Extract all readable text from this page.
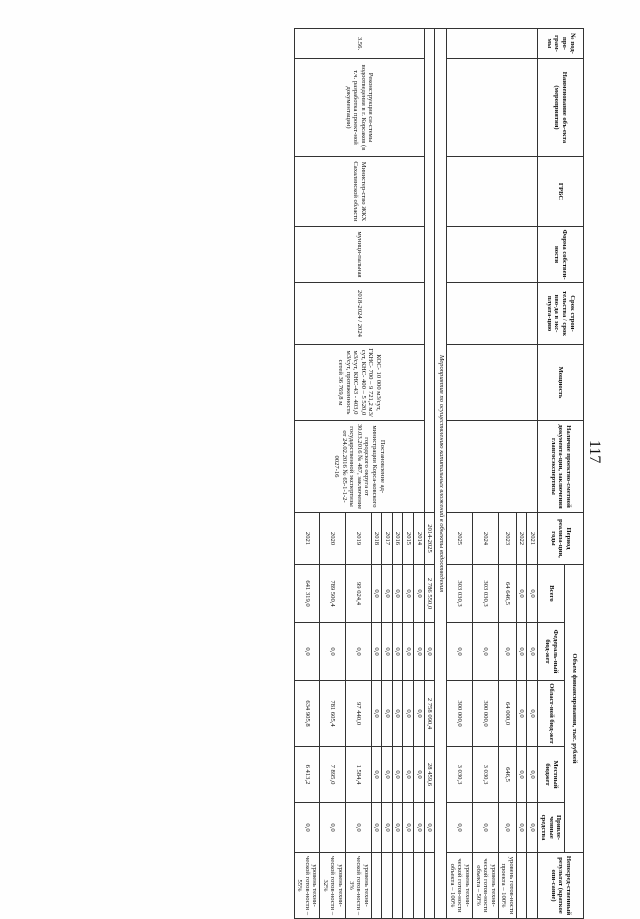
117
№ под-про-грам-мы	Наименование объ-екта (мероприятия)	ГРБС	Форма собствен-ности	Срок строи-тельства / срок вво-да в экс-плуата-цию	Мощность	Наличие проектно-сметной документа-ции, заключения главгосэкспертизы	Период реализа-ции, годы	Объем финансирования, тыс. рублей					Непосред-ственный результат (краткое опи-сание)
								Всего	Федераль-ный бюд-жет	Област-ной бюд-жет	Местный бюджет	Привле-ченные средства	
							2021	0,0	0,0	0,0	0,0	0,0	
							2022	0,0	0,0	0,0	0,0	0,0	
							2023	64 646,5	0,0	64 000,0	646,5	0,0	уровень готов-ности проекта – 100%
							2024	303 030,3	0,0	300 000,0	3 030,3	0,0	уровень техни-ческой готов-ности объекта – 50%
							2025	303 030,3	0,0	300 000,0	3 030,3	0,0	уровень техни-ческой готов-ности объекта – 100%
Мероприятия по осуществлению капитальных вложений в объекты водоотведения													
							2014-2025	2 786 550,0	0,0	2 758 090,4	28 459,6	0,0	
3.56.	Реконструкция си-стемы водоотведения в г. Корсаков (в т.ч. разработка проект-ной документации)	Министер-ство ЖКХ Сахалинской области	муници-пальная	2018-2024 / 2024	КОС- 10 000 м3/сут, ГКНС- 700 – 9 721,2 м3/сут, КНС- 400 – 5 520,0 м3/сут, КНС-43 - 403,0 м3/сут, протяженность сетей 36 769,8 м	Постановление ад-министрации Корса-ковского городского округа от 30.03.2016 № 487, заключение государственной экспертизы от 24.02.2016 № 65-1-1-2-0027-16	2014	0,0	0,0	0,0	0,0	0,0	
							2015	0,0	0,0	0,0	0,0	0,0	
							2016	0,0	0,0	0,0	0,0	0,0	
							2017	0,0	0,0	0,0	0,0	0,0	
							2018	0,0	0,0	0,0	0,0	0,0	
							2019	99 024,4	0,0	97 440,0	1 584,4	0,0	уровень техни-ческой готов-ности – 3%
							2020	789 500,4	0,0	781 605,4	7 895,0	0,0	уровень техни-ческой готов-ности – 32%
							2021	641 319,0	0,0	634 905,8	6 413,2	0,0	уровень техни-ческой готов-ности – 55%
